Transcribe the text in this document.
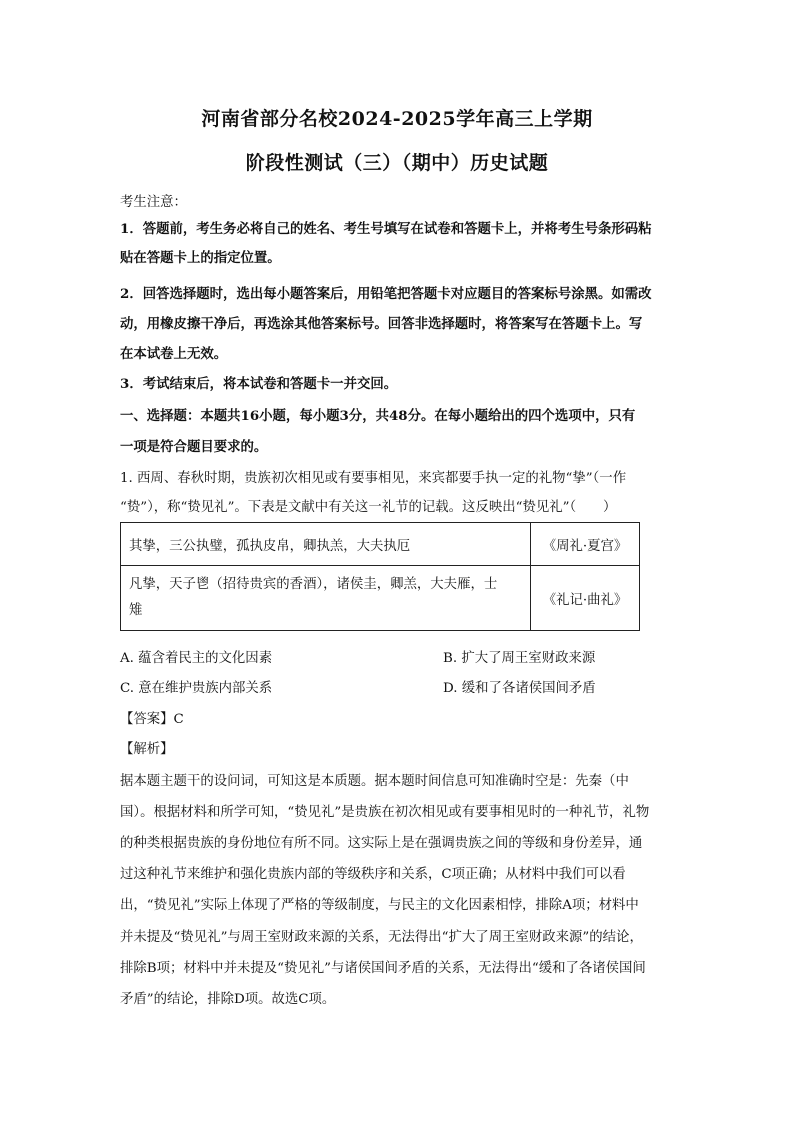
河南省部分名校2024-2025学年高三上学期
阶段性测试（三）（期中）历史试题
考生注意：
1．答题前，考生务必将自己的姓名、考生号填写在试卷和答题卡上，并将考生号条形码粘
贴在答题卡上的指定位置。
2．回答选择题时，选出每小题答案后，用铅笔把答题卡对应题目的答案标号涂黑。如需改
动，用橡皮擦干净后，再选涂其他答案标号。回答非选择题时，将答案写在答题卡上。写
在本试卷上无效。
3．考试结束后，将本试卷和答题卡一并交回。
一、选择题：本题共16小题，每小题3分，共48分。在每小题给出的四个选项中，只有
一项是符合题目要求的。
1. 西周、春秋时期，贵族初次相见或有要事相见，来宾都要手执一定的礼物“挚”（一作
“贽”），称“贽见礼”。下表是文献中有关这一礼节的记载。这反映出“贽见礼”（　　）
其挚，三公执璧，孤执皮帛，卿执羔，大夫执厄	《周礼·夏宫》
凡挚，天子鬯（招待贵宾的香酒），诸侯圭，卿羔，大夫雁，士
雉	《礼记·曲礼》
A. 蕴含着民主的文化因素	B. 扩大了周王室财政来源
C. 意在维护贵族内部关系	D. 缓和了各诸侯国间矛盾
【答案】C
【解析】
据本题主题干的设问词，可知这是本质题。据本题时间信息可知准确时空是：先秦（中
国）。根据材料和所学可知，“贽见礼”是贵族在初次相见或有要事相见时的一种礼节，礼物
的种类根据贵族的身份地位有所不同。这实际上是在强调贵族之间的等级和身份差异，通
过这种礼节来维护和强化贵族内部的等级秩序和关系，C项正确；从材料中我们可以看
出，“贽见礼”实际上体现了严格的等级制度，与民主的文化因素相悖，排除A项；材料中
并未提及“贽见礼”与周王室财政来源的关系，无法得出“扩大了周王室财政来源”的结论，
排除B项；材料中并未提及“贽见礼”与诸侯国间矛盾的关系，无法得出“缓和了各诸侯国间
矛盾”的结论，排除D项。故选C项。
